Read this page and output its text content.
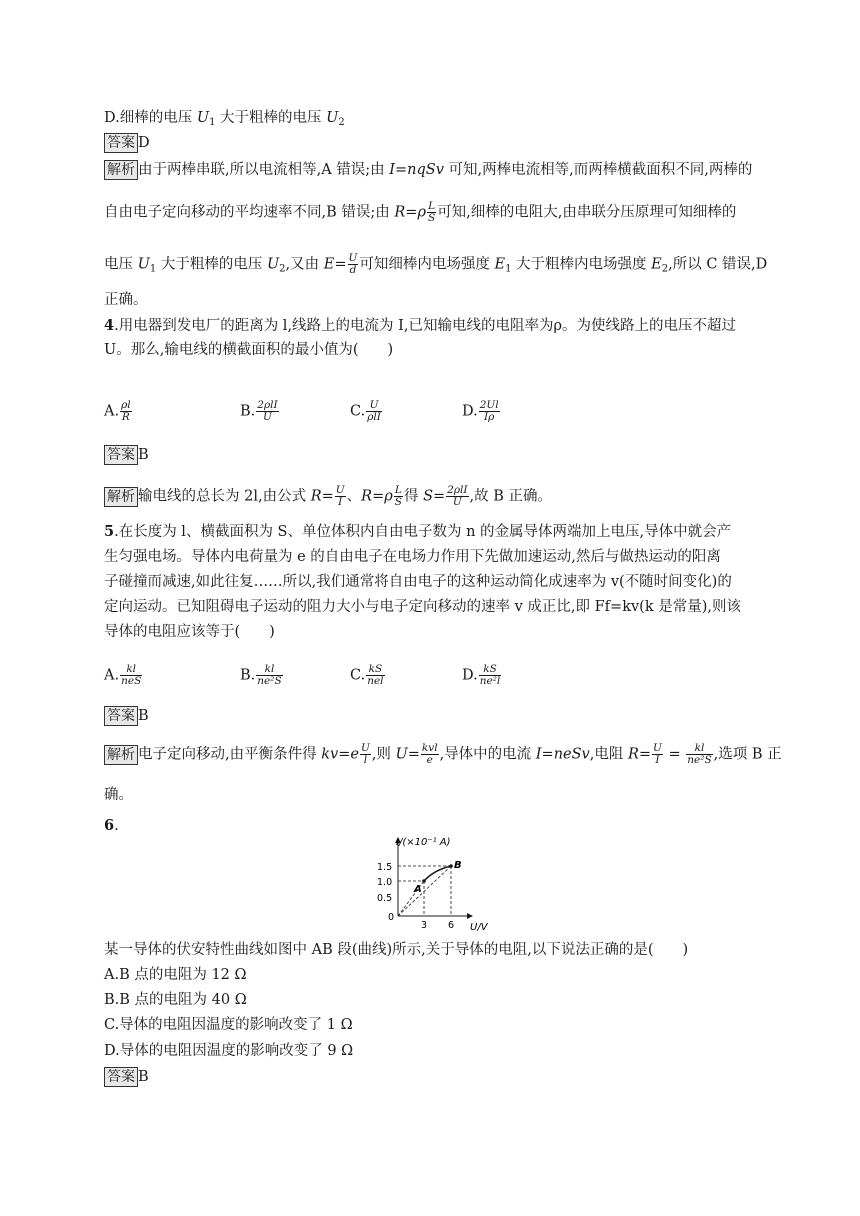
D.细棒的电压 $U_1$ 大于粗棒的电压 $U_2$
答案 D
解析 由于两棒串联,所以电流相等,A 错误;由 I=nqSv 可知,两棒电流相等,而两棒横截面积不同,两棒的
自由电子定向移动的平均速率不同,B 错误;由 $R=\rho \frac{L}{S}$ 可知,细棒的电阻大,由串联分压原理可知细棒的
电压 $U_1$ 大于粗棒的电压 $U_2$,又由 $E= \frac{U}{d}$ 可知细棒内电场强度 $E_1$ 大于粗棒内电场强度 $E_2$,所以 C 错误,D
正确。
4.用电器到发电厂的距离为 l,线路上的电流为 I,已知输电线的电阻率为ρ。为使线路上的电压不超过
U。那么,输电线的横截面积的最小值为(　　)
A. $\frac{\rho l}{R}$	B. $\frac{\text{2ρlI}}{U}$	C. $\frac{U}{\text{ρlI}}$	D. $\frac{2Ul}{I\rho}$
答案 B
解析 输电线的总长为 2l,由公式 $R= \frac{U}{I}$ 、$R=\rho \frac{L}{S}$ 得 $S= \frac{\text{2ρlI}}{U}$ ,故 B 正确。
5.在长度为 l、横截面积为 S、单位体积内自由电子数为 n 的金属导体两端加上电压,导体中就会产
生匀强电场。导体内电荷量为 e 的自由电子在电场力作用下先做加速运动,然后与做热运动的阳离
子碰撞而减速,如此往复……所以,我们通常将自由电子的这种运动简化成速率为 v(不随时间变化)的
定向运动。已知阻碍电子运动的阻力大小与电子定向移动的速率 v 成正比,即 Ff=kv(k 是常量),则该
导体的电阻应该等于(　　)
A. $\frac{kl}{\text{neS}}$	B. $\frac{kl}{\text{ne²S}}$	C. $\frac{kS}{\text{nel}}$	D. $\frac{kS}{\text{ne²l}}$
答案 B
解析 电子定向移动,由平衡条件得 $kv=e \frac{U}{l}$ ,则 $U= \frac{\text{kvl}}{e}$ ,导体中的电流 I=neSv,电阻 $R= \frac{U}{I} = \frac{kl}{\text{ne²S}}$ ,选项 B 正
确。
6.
I/(×10⁻¹ A)
U/V
0
1.5
1.0
0.5
3 6
A
B
某一导体的伏安特性曲线如图中 AB 段(曲线)所示,关于导体的电阻,以下说法正确的是(　　)
A.B 点的电阻为 12 Ω
B.B 点的电阻为 40 Ω
C.导体的电阻因温度的影响改变了 1 Ω
D.导体的电阻因温度的影响改变了 9 Ω
答案 B
